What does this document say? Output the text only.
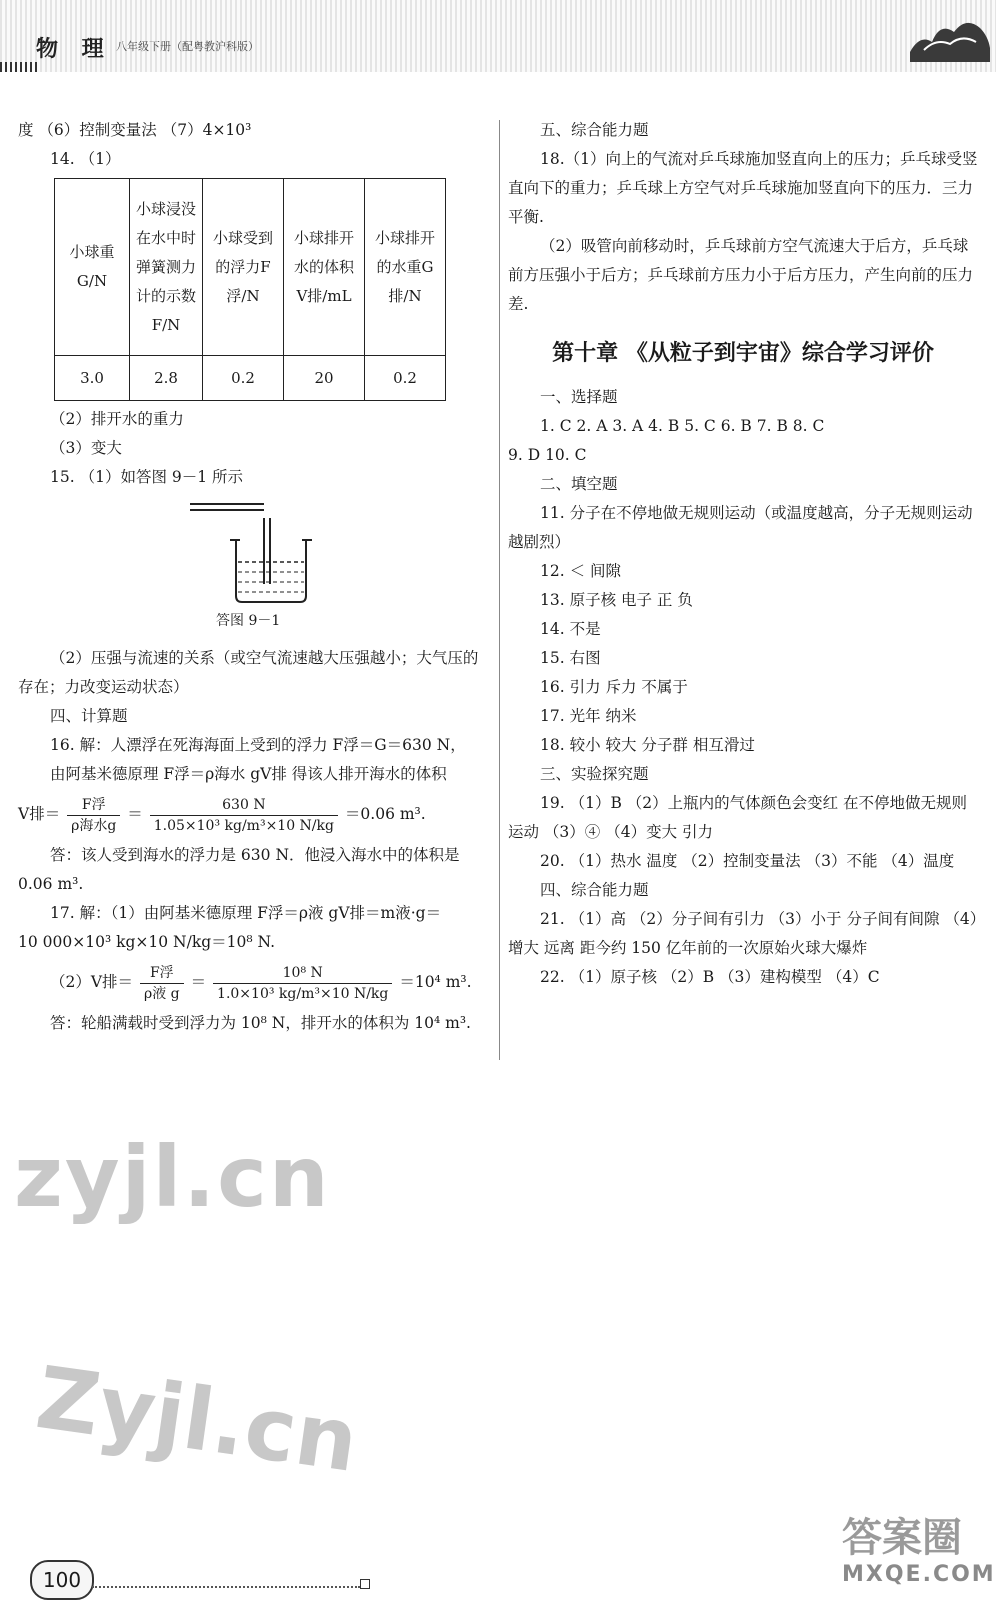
物 理 八年级下册（配粤教沪科版）
度 （6）控制变量法 （7）4×10³
14. （1）
小球重G/N	小球浸没在水中时弹簧测力计的示数F/N	小球受到的浮力F浮/N	小球排开水的体积V排/mL	小球排开的水重G排/N
3.0	2.8	0.2	20	0.2
（2）排开水的重力
（3）变大
15. （1）如答图 9－1 所示
答图 9－1
（2）压强与流速的关系（或空气流速越大压强越小；大气压的存在；力改变运动状态）
四、计算题
16. 解：人漂浮在死海海面上受到的浮力 F浮＝G＝630 N，
由阿基米德原理 F浮＝ρ海水 gV排 得该人排开海水的体积
V排＝ $\frac{\text{F浮}}{\text{ρ海水g}} = \frac{630 N}{\text{1.05×10³ kg/m³×10 N/kg}} =0.06$ m³.
答：该人受到海水的浮力是 630 N．他浸入海水中的体积是 0.06 m³.
17. 解：（1）由阿基米德原理 F浮＝ρ液 gV排＝m液·g＝
10 000×10³ kg×10 N/kg＝10⁸ N.
（2）V排＝ $\frac{\text{F浮}}{\text{ρ液 g}} = \frac{\text{10⁸ N}}{\text{1.0×10³ kg/m³×10 N/kg}} =10^4$ m³.
答：轮船满载时受到浮力为 10⁸ N，排开水的体积为 10⁴ m³.
五、综合能力题
18.（1）向上的气流对乒乓球施加竖直向上的压力；乒乓球受竖直向下的重力；乒乓球上方空气对乒乓球施加竖直向下的压力．三力平衡.
（2）吸管向前移动时，乒乓球前方空气流速大于后方，乒乓球前方压强小于后方；乒乓球前方压力小于后方压力，产生向前的压力差.
第十章 《从粒子到宇宙》综合学习评价
一、选择题
1. C 2. A 3. A 4. B 5. C 6. B 7. B 8. C
9. D 10. C
二、填空题
11. 分子在不停地做无规则运动（或温度越高，分子无规则运动越剧烈）
12. ＜ 间隙
13. 原子核 电子 正 负
14. 不是
15. 右图
16. 引力 斥力 不属于
17. 光年 纳米
18. 较小 较大 分子群 相互滑过
三、实验探究题
19. （1）B （2）上瓶内的气体颜色会变红 在不停地做无规则运动 （3）④ （4）变大 引力
20. （1）热水 温度 （2）控制变量法 （3）不能 （4）温度
四、综合能力题
21. （1）高 （2）分子间有引力 （3）小于 分子间有间隙 （4）增大 远离 距今约 150 亿年前的一次原始火球大爆炸
22. （1）原子核 （2）B （3）建构模型 （4）C
zyjl.cn
Zyjl.cn
答案圈
MXQE.COM
100
